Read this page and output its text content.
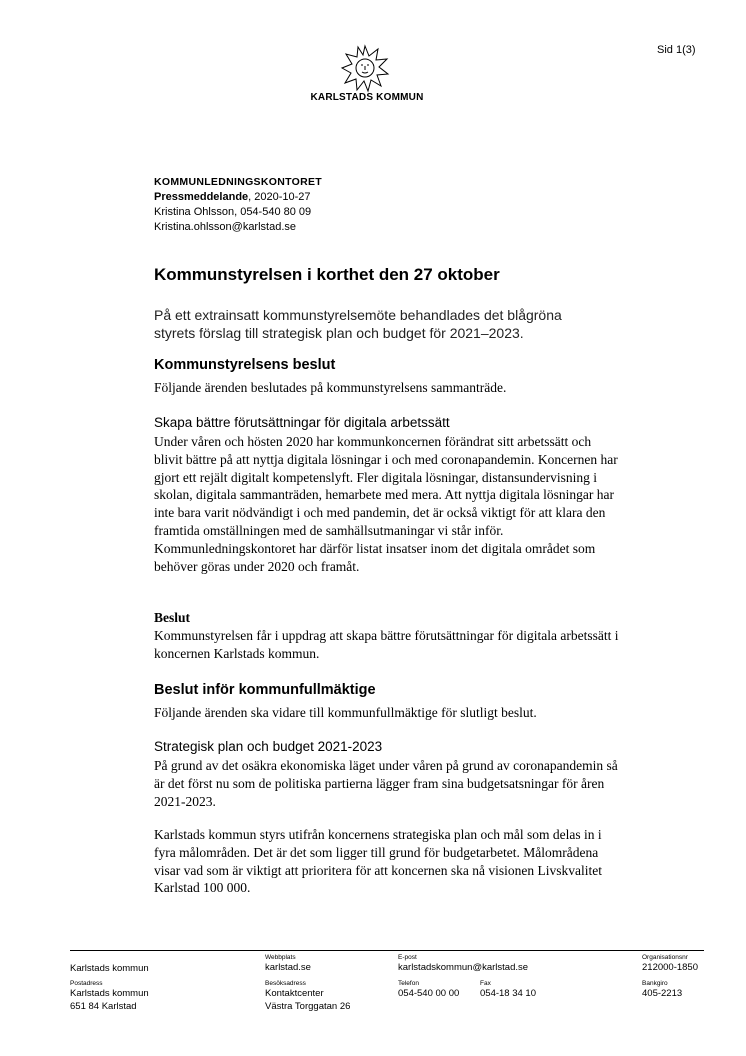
Sid 1(3)
KARLSTADS KOMMUN
KOMMUNLEDNINGSKONTORET
Pressmeddelande, 2020-10-27
Kristina Ohlsson, 054-540 80 09
Kristina.ohlsson@karlstad.se
Kommunstyrelsen i korthet den 27 oktober
På ett extrainsatt kommunstyrelsemöte behandlades det blågröna styrets förslag till strategisk plan och budget för 2021–2023.
Kommunstyrelsens beslut
Följande ärenden beslutades på kommunstyrelsens sammanträde.
Skapa bättre förutsättningar för digitala arbetssätt
Under våren och hösten 2020 har kommunkoncernen förändrat sitt arbetssätt och blivit bättre på att nyttja digitala lösningar i och med coronapandemin. Koncernen har gjort ett rejält digitalt kompetenslyft. Fler digitala lösningar, distansundervisning i skolan, digitala sammanträden, hemarbete med mera. Att nyttja digitala lösningar har inte bara varit nödvändigt i och med pandemin, det är också viktigt för att klara den framtida omställningen med de samhällsutmaningar vi står inför. Kommunledningskontoret har därför listat insatser inom det digitala området som behöver göras under 2020 och framåt.
Beslut
Kommunstyrelsen får i uppdrag att skapa bättre förutsättningar för digitala arbetssätt i koncernen Karlstads kommun.
Beslut inför kommunfullmäktige
Följande ärenden ska vidare till kommunfullmäktige för slutligt beslut.
Strategisk plan och budget 2021-2023
På grund av det osäkra ekonomiska läget under våren på grund av coronapandemin så är det först nu som de politiska partierna lägger fram sina budgetsatsningar för åren 2021-2023.
Karlstads kommun styrs utifrån koncernens strategiska plan och mål som delas in i fyra målområden. Det är det som ligger till grund för budgetarbetet. Målområdena visar vad som är viktigt att prioritera för att koncernen ska nå visionen Livskvalitet Karlstad 100 000.
Karlstads kommun
Webbplats
karlstad.se
E-post
karlstadskommun@karlstad.se
Organisationsnr
212000-1850
Postadress
Karlstads kommun
651 84 Karlstad
Besöksadress
Kontaktcenter
Västra Torggatan 26
Telefon
054-540 00 00
Fax
054-18 34 10
Bankgiro
405-2213
